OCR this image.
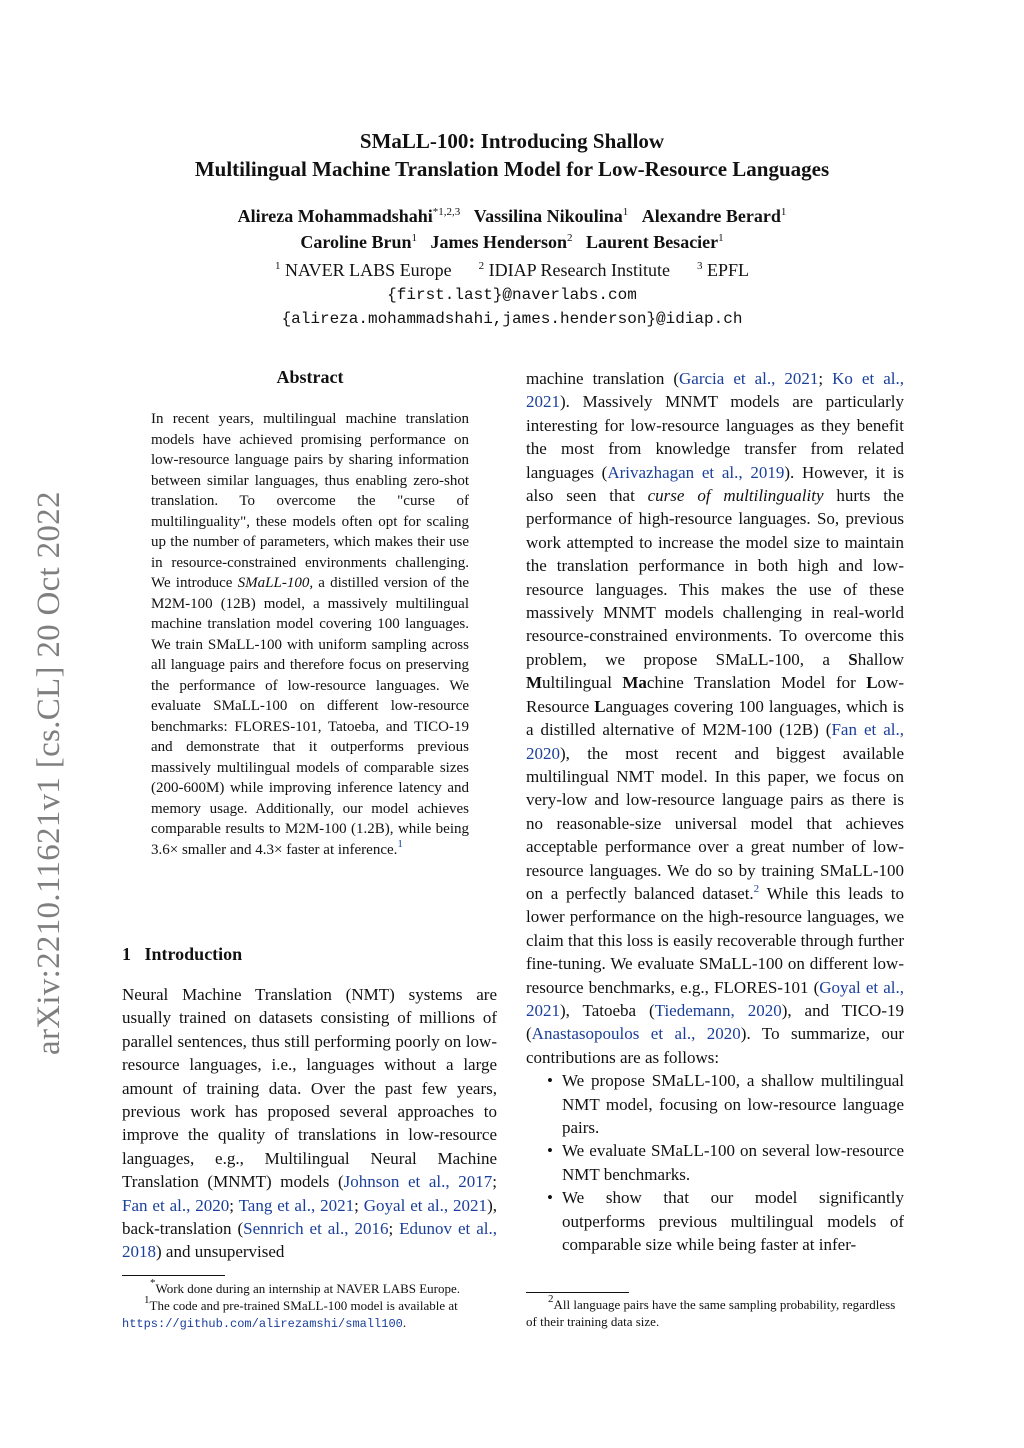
arXiv:2210.11621v1 [cs.CL] 20 Oct 2022
SMaLL-100: Introducing Shallow
Multilingual Machine Translation Model for Low-Resource Languages
Alireza Mohammadshahi$^{*1,2,3}$ Vassilina Nikoulina$^1$ Alexandre Berard$^1$
Caroline Brun$^1$ James Henderson$^2$ Laurent Besacier$^1$
$^1$ NAVER LABS Europe $^2$ IDIAP Research Institute $^3$ EPFL
{first.last}@naverlabs.com
{alireza.mohammadshahi,james.henderson}@idiap.ch
Abstract
In recent years, multilingual machine translation models have achieved promising performance on low-resource language pairs by sharing information between similar languages, thus enabling zero-shot translation. To overcome the "curse of multilinguality", these models often opt for scaling up the number of parameters, which makes their use in resource-constrained environments challenging. We introduce SMaLL-100, a distilled version of the M2M-100 (12B) model, a massively multilingual machine translation model covering 100 languages. We train SMaLL-100 with uniform sampling across all language pairs and therefore focus on preserving the performance of low-resource languages. We evaluate SMaLL-100 on different low-resource benchmarks: FLORES-101, Tatoeba, and TICO-19 and demonstrate that it outperforms previous massively multilingual models of comparable sizes (200-600M) while improving inference latency and memory usage. Additionally, our model achieves comparable results to M2M-100 (1.2B), while being 3.6× smaller and 4.3× faster at inference.$^1$
1 Introduction
Neural Machine Translation (NMT) systems are usually trained on datasets consisting of millions of parallel sentences, thus still performing poorly on low-resource languages, i.e., languages without a large amount of training data. Over the past few years, previous work has proposed several approaches to improve the quality of translations in low-resource languages, e.g., Multilingual Neural Machine Translation (MNMT) models (Johnson et al., 2017; Fan et al., 2020; Tang et al., 2021; Goyal et al., 2021), back-translation (Sennrich et al., 2016; Edunov et al., 2018) and unsupervised
*Work done during an internship at NAVER LABS Europe.
$^1$The code and pre-trained SMaLL-100 model is available at https://github.com/alirezamshi/small100.
machine translation (Garcia et al., 2021; Ko et al., 2021). Massively MNMT models are particularly interesting for low-resource languages as they benefit the most from knowledge transfer from related languages (Arivazhagan et al., 2019). However, it is also seen that curse of multilinguality hurts the performance of high-resource languages. So, previous work attempted to increase the model size to maintain the translation performance in both high and low-resource languages. This makes the use of these massively MNMT models challenging in real-world resource-constrained environments. To overcome this problem, we propose SMaLL-100, a Shallow Multilingual Machine Translation Model for Low-Resource Languages covering 100 languages, which is a distilled alternative of M2M-100 (12B) (Fan et al., 2020), the most recent and biggest available multilingual NMT model. In this paper, we focus on very-low and low-resource language pairs as there is no reasonable-size universal model that achieves acceptable performance over a great number of low-resource languages. We do so by training SMaLL-100 on a perfectly balanced dataset.$^2$ While this leads to lower performance on the high-resource languages, we claim that this loss is easily recoverable through further fine-tuning. We evaluate SMaLL-100 on different low-resource benchmarks, e.g., FLORES-101 (Goyal et al., 2021), Tatoeba (Tiedemann, 2020), and TICO-19 (Anastasopoulos et al., 2020). To summarize, our contributions are as follows:
• We propose SMaLL-100, a shallow multilingual NMT model, focusing on low-resource language pairs.
• We evaluate SMaLL-100 on several low-resource NMT benchmarks.
• We show that our model significantly outperforms previous multilingual models of comparable size while being faster at infer-
$^2$All language pairs have the same sampling probability, regardless of their training data size.
